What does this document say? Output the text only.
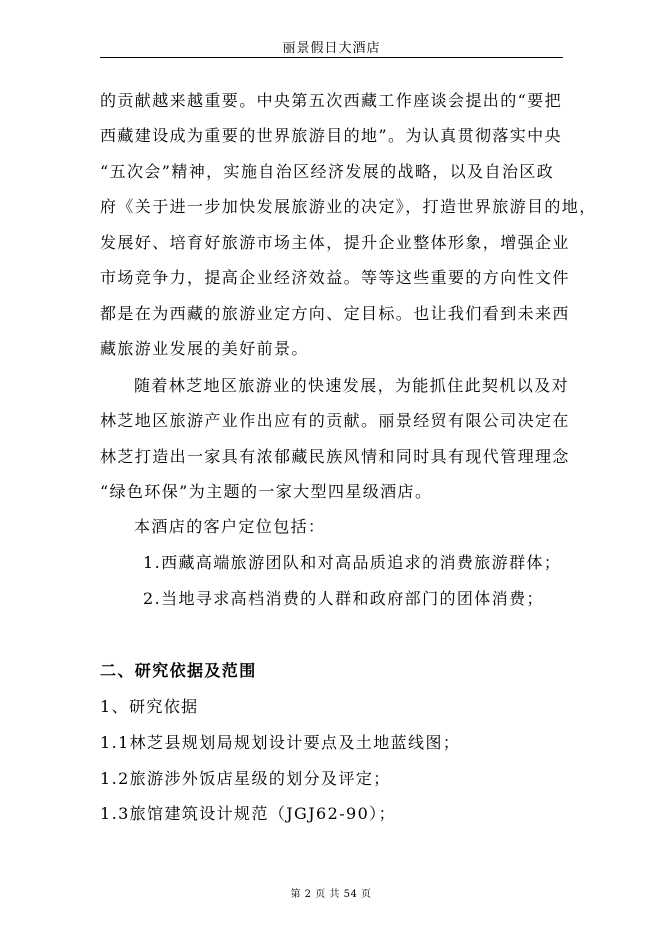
丽景假日大酒店
的贡献越来越重要。中央第五次西藏工作座谈会提出的“要把
西藏建设成为重要的世界旅游目的地”。为认真贯彻落实中央
“五次会”精神，实施自治区经济发展的战略，以及自治区政
府《关于进一步加快发展旅游业的决定》，打造世界旅游目的地，
发展好、培育好旅游市场主体，提升企业整体形象，增强企业
市场竞争力，提高企业经济效益。等等这些重要的方向性文件
都是在为西藏的旅游业定方向、定目标。也让我们看到未来西
藏旅游业发展的美好前景。
随着林芝地区旅游业的快速发展，为能抓住此契机以及对
林芝地区旅游产业作出应有的贡献。丽景经贸有限公司决定在
林芝打造出一家具有浓郁藏民族风情和同时具有现代管理理念
“绿色环保”为主题的一家大型四星级酒店。
本酒店的客户定位包括：
1.西藏高端旅游团队和对高品质追求的消费旅游群体；
2.当地寻求高档消费的人群和政府部门的团体消费；
二、研究依据及范围
1、研究依据
1.1林芝县规划局规划设计要点及土地蓝线图；
1.2旅游涉外饭店星级的划分及评定；
1.3旅馆建筑设计规范（JGJ62-90）；
第 2 页 共 54 页
